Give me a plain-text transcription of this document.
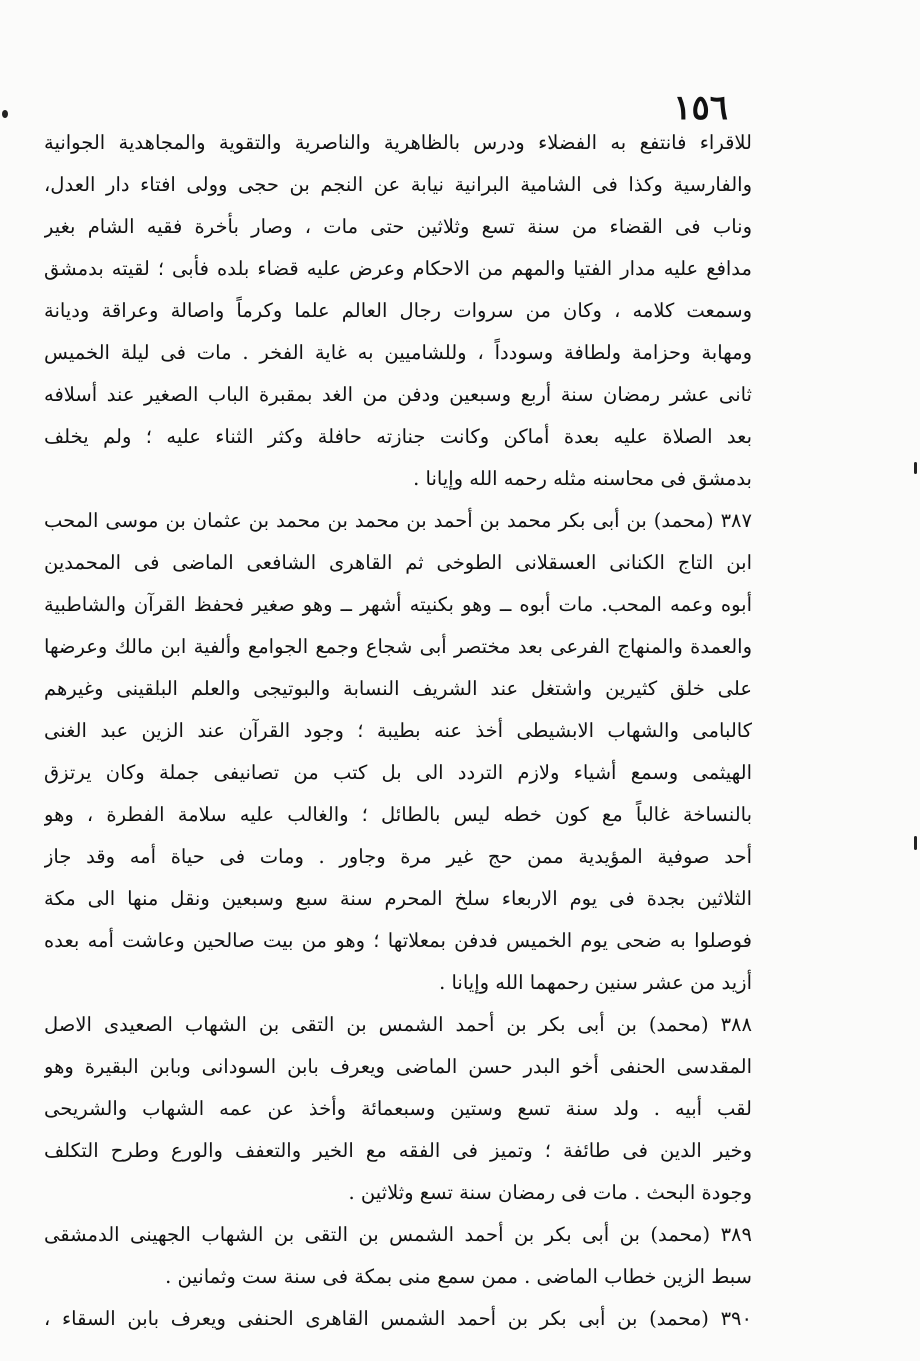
١٥٦
للاقراء فانتفع به الفضلاء ودرس بالظاهرية والناصرية والتقوية والمجاهدية الجوانية
والفارسية وكذا فى الشامية البرانية نيابة عن النجم بن حجى وولى افتاء دار العدل،
وناب فى القضاء من سنة تسع وثلاثين حتى مات ، وصار بأخرة فقيه الشام بغير
مدافع عليه مدار الفتيا والمهم من الاحكام وعرض عليه قضاء بلده فأبى ؛ لقيته بدمشق
وسمعت كلامه ، وكان من سروات رجال العالم علما وكرماً واصالة وعراقة وديانة
ومهابة وحزامة ولطافة وسودداً ، وللشاميين به غاية الفخر . مات فى ليلة الخميس
ثانى عشر رمضان سنة أربع وسبعين ودفن من الغد بمقبرة الباب الصغير عند أسلافه
بعد الصلاة عليه بعدة أماكن وكانت جنازته حافلة وكثر الثناء عليه ؛ ولم يخلف
بدمشق فى محاسنه مثله رحمه الله وإيانا .
٣٨٧ (محمد) بن أبى بكر محمد بن أحمد بن محمد بن محمد بن عثمان بن موسى المحب
ابن التاج الكنانى العسقلانى الطوخى ثم القاهرى الشافعى الماضى فى المحمدين
أبوه وعمه المحب. مات أبوه ــ وهو بكنيته أشهر ــ وهو صغير فحفظ القرآن والشاطبية
والعمدة والمنهاج الفرعى بعد مختصر أبى شجاع وجمع الجوامع وألفية ابن مالك وعرضها
على خلق كثيرين واشتغل عند الشريف النسابة والبوتيجى والعلم البلقينى وغيرهم
كالبامى والشهاب الابشيطى أخذ عنه بطيبة ؛ وجود القرآن عند الزين عبد الغنى
الهيثمى وسمع أشياء ولازم التردد الى بل كتب من تصانيفى جملة وكان يرتزق
بالنساخة غالباً مع كون خطه ليس بالطائل ؛ والغالب عليه سلامة الفطرة ، وهو
أحد صوفية المؤيدية ممن حج غير مرة وجاور . ومات فى حياة أمه وقد جاز
الثلاثين بجدة فى يوم الاربعاء سلخ المحرم سنة سبع وسبعين ونقل منها الى مكة
فوصلوا به ضحى يوم الخميس فدفن بمعلاتها ؛ وهو من بيت صالحين وعاشت أمه بعده
أزيد من عشر سنين رحمهما الله وإيانا .
٣٨٨ (محمد) بن أبى بكر بن أحمد الشمس بن التقى بن الشهاب الصعيدى الاصل
المقدسى الحنفى أخو البدر حسن الماضى ويعرف بابن السودانى وبابن البقيرة وهو
لقب أبيه . ولد سنة تسع وستين وسبعمائة وأخذ عن عمه الشهاب والشريحى
وخير الدين فى طائفة ؛ وتميز فى الفقه مع الخير والتعفف والورع وطرح التكلف
وجودة البحث . مات فى رمضان سنة تسع وثلاثين .
٣٨٩ (محمد) بن أبى بكر بن أحمد الشمس بن التقى بن الشهاب الجهينى الدمشقى
سبط الزين خطاب الماضى . ممن سمع منى بمكة فى سنة ست وثمانين .
٣٩٠ (محمد) بن أبى بكر بن أحمد الشمس القاهرى الحنفى ويعرف بابن السقاء ،
